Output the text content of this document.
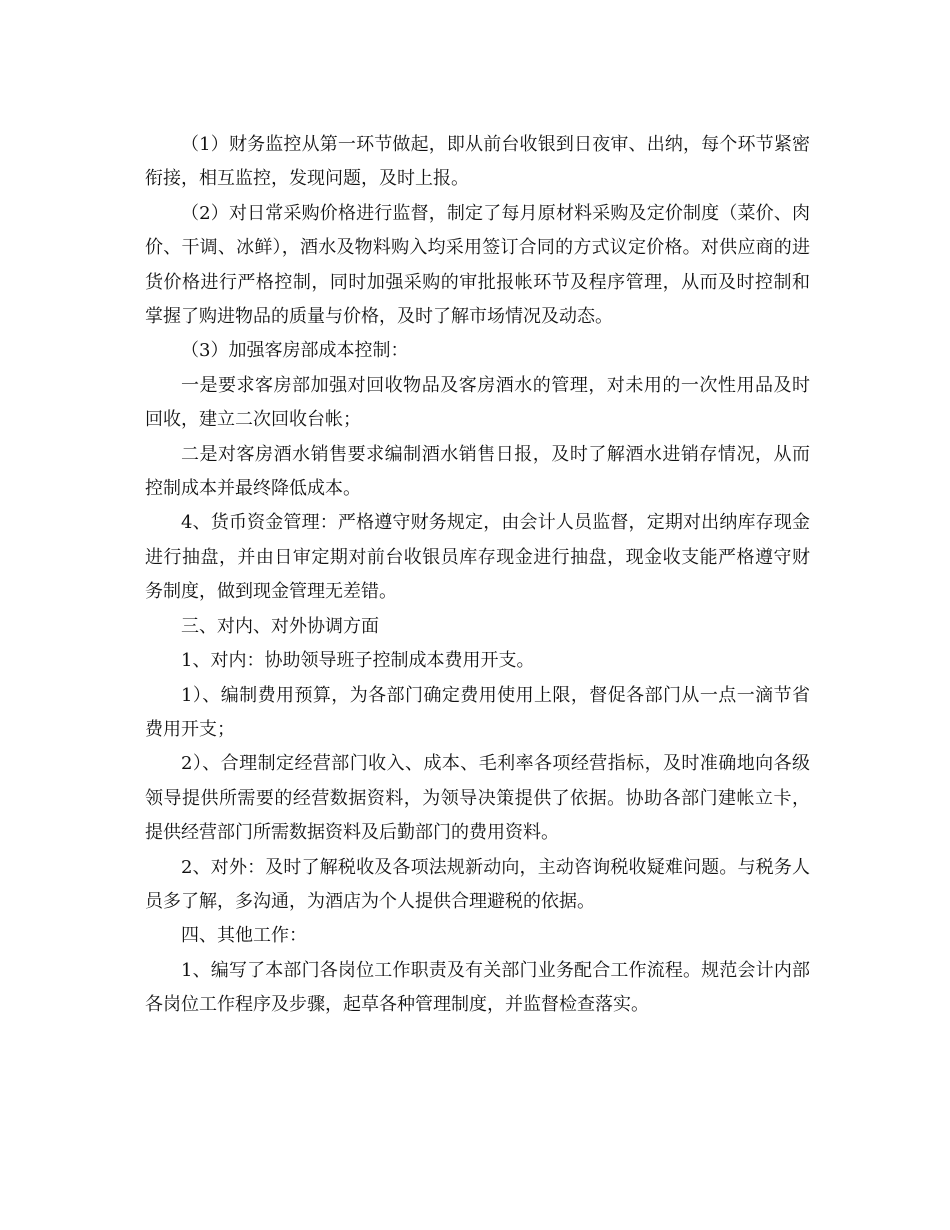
（1）财务监控从第一环节做起，即从前台收银到日夜审、出纳，每个环节紧密衔接，相互监控，发现问题，及时上报。

（2）对日常采购价格进行监督，制定了每月原材料采购及定价制度（菜价、肉价、干调、冰鲜），酒水及物料购入均采用签订合同的方式议定价格。对供应商的进货价格进行严格控制，同时加强采购的审批报帐环节及程序管理，从而及时控制和掌握了购进物品的质量与价格，及时了解市场情况及动态。

（3）加强客房部成本控制：

一是要求客房部加强对回收物品及客房酒水的管理，对未用的一次性用品及时回收，建立二次回收台帐；

二是对客房酒水销售要求编制酒水销售日报，及时了解酒水进销存情况，从而控制成本并最终降低成本。

4、货币资金管理：严格遵守财务规定，由会计人员监督，定期对出纳库存现金进行抽盘，并由日审定期对前台收银员库存现金进行抽盘，现金收支能严格遵守财务制度，做到现金管理无差错。

三、对内、对外协调方面

1、对内：协助领导班子控制成本费用开支。

1）、编制费用预算，为各部门确定费用使用上限，督促各部门从一点一滴节省费用开支；

2）、合理制定经营部门收入、成本、毛利率各项经营指标，及时准确地向各级领导提供所需要的经营数据资料，为领导决策提供了依据。协助各部门建帐立卡，提供经营部门所需数据资料及后勤部门的费用资料。

2、对外：及时了解税收及各项法规新动向，主动咨询税收疑难问题。与税务人员多了解，多沟通，为酒店为个人提供合理避税的依据。

四、其他工作：

1、编写了本部门各岗位工作职责及有关部门业务配合工作流程。规范会计内部各岗位工作程序及步骤，起草各种管理制度，并监督检查落实。
